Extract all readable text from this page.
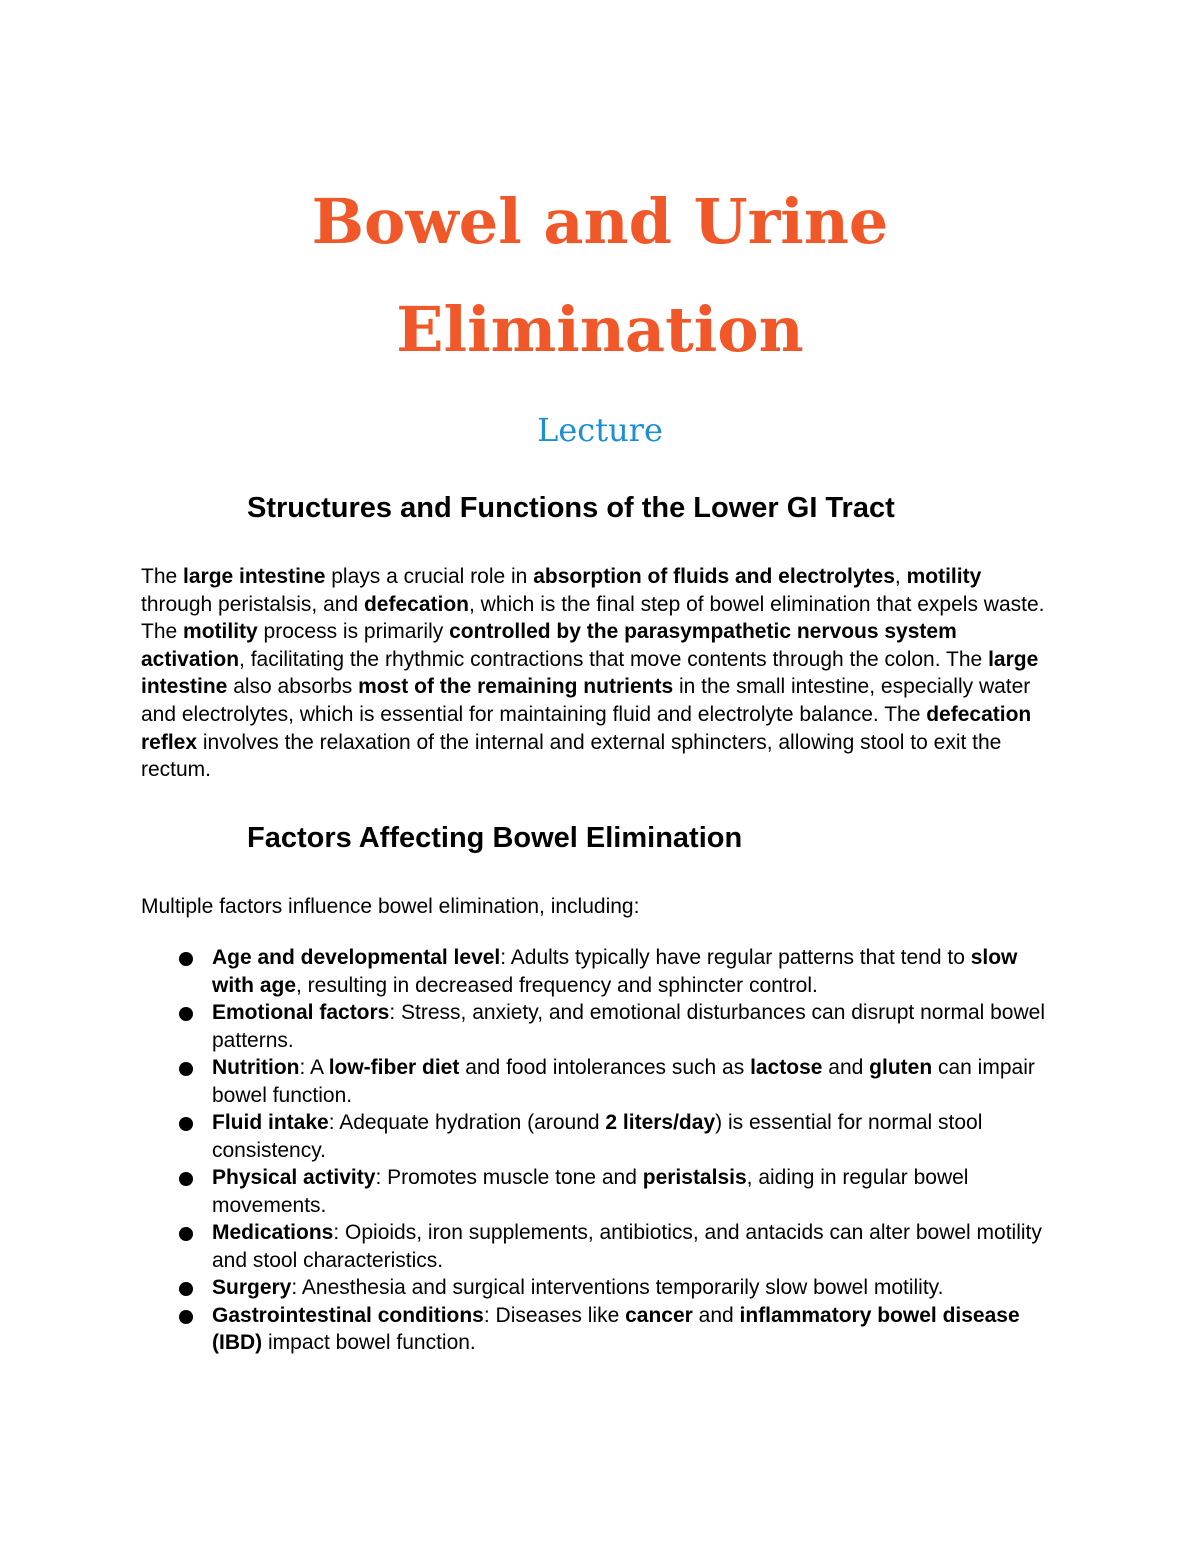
Bowel and Urine
Elimination
Lecture
Structures and Functions of the Lower GI Tract

The large intestine plays a crucial role in absorption of fluids and electrolytes, motility through peristalsis, and defecation, which is the final step of bowel elimination that expels waste. The motility process is primarily controlled by the parasympathetic nervous system activation, facilitating the rhythmic contractions that move contents through the colon. The large intestine also absorbs most of the remaining nutrients in the small intestine, especially water and electrolytes, which is essential for maintaining fluid and electrolyte balance. The defecation reflex involves the relaxation of the internal and external sphincters, allowing stool to exit the rectum.

Factors Affecting Bowel Elimination

Multiple factors influence bowel elimination, including:

Age and developmental level: Adults typically have regular patterns that tend to slow with age, resulting in decreased frequency and sphincter control.
Emotional factors: Stress, anxiety, and emotional disturbances can disrupt normal bowel patterns.
Nutrition: A low-fiber diet and food intolerances such as lactose and gluten can impair bowel function.
Fluid intake: Adequate hydration (around 2 liters/day) is essential for normal stool consistency.
Physical activity: Promotes muscle tone and peristalsis, aiding in regular bowel movements.
Medications: Opioids, iron supplements, antibiotics, and antacids can alter bowel motility and stool characteristics.
Surgery: Anesthesia and surgical interventions temporarily slow bowel motility.
Gastrointestinal conditions: Diseases like cancer and inflammatory bowel disease (IBD) impact bowel function.
